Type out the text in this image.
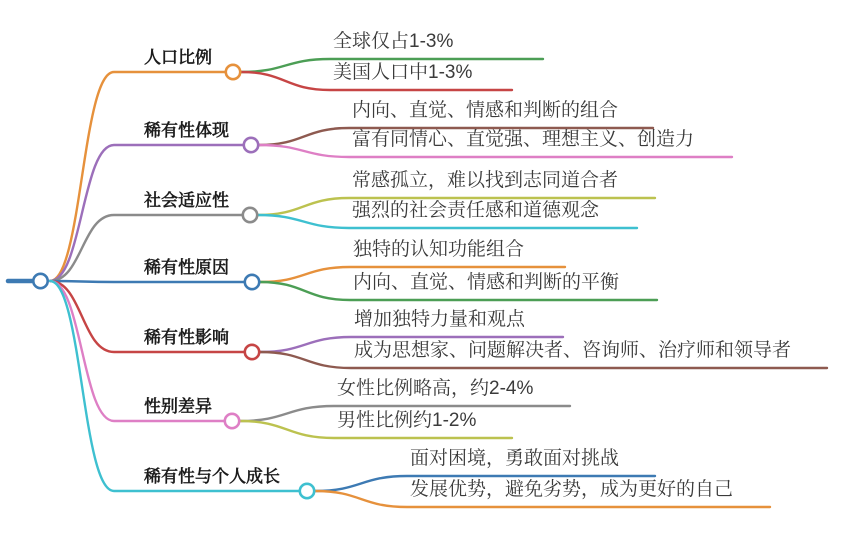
人口比例
稀有性体现
社会适应性
稀有性原因
稀有性影响
性别差异
稀有性与个人成长
全球仅占1-3%
美国人口中1-3%
内向、直觉、情感和判断的组合
富有同情心、直觉强、理想主义、创造力
常感孤立，难以找到志同道合者
强烈的社会责任感和道德观念
独特的认知功能组合
内向、直觉、情感和判断的平衡
增加独特力量和观点
成为思想家、问题解决者、咨询师、治疗师和领导者
女性比例略高，约2-4%
男性比例约1-2%
面对困境，勇敢面对挑战
发展优势，避免劣势，成为更好的自己
